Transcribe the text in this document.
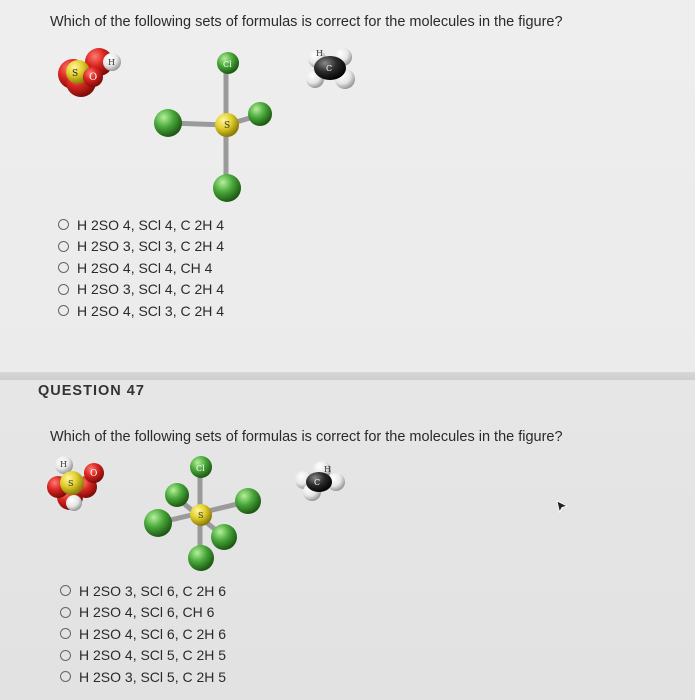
Which of the following sets of formulas is correct for the molecules in the figure?
S O
H	Cl
S
H
C
H 2SO 4, SCl 4, C 2H 4
H 2SO 3, SCl 3, C 2H 4
H 2SO 4, SCl 4, CH 4
H 2SO 3, SCl 4, C 2H 4
H 2SO 4, SCl 3, C 2H 4
QUESTION 47
Which of the following sets of formulas is correct for the molecules in the figure?
H
O
S
Cl
S
H
C
H 2SO 3, SCl 6, C 2H 6
H 2SO 4, SCl 6, CH 6
H 2SO 4, SCl 6, C 2H 6
H 2SO 4, SCl 5, C 2H 5
H 2SO 3, SCl 5, C 2H 5
